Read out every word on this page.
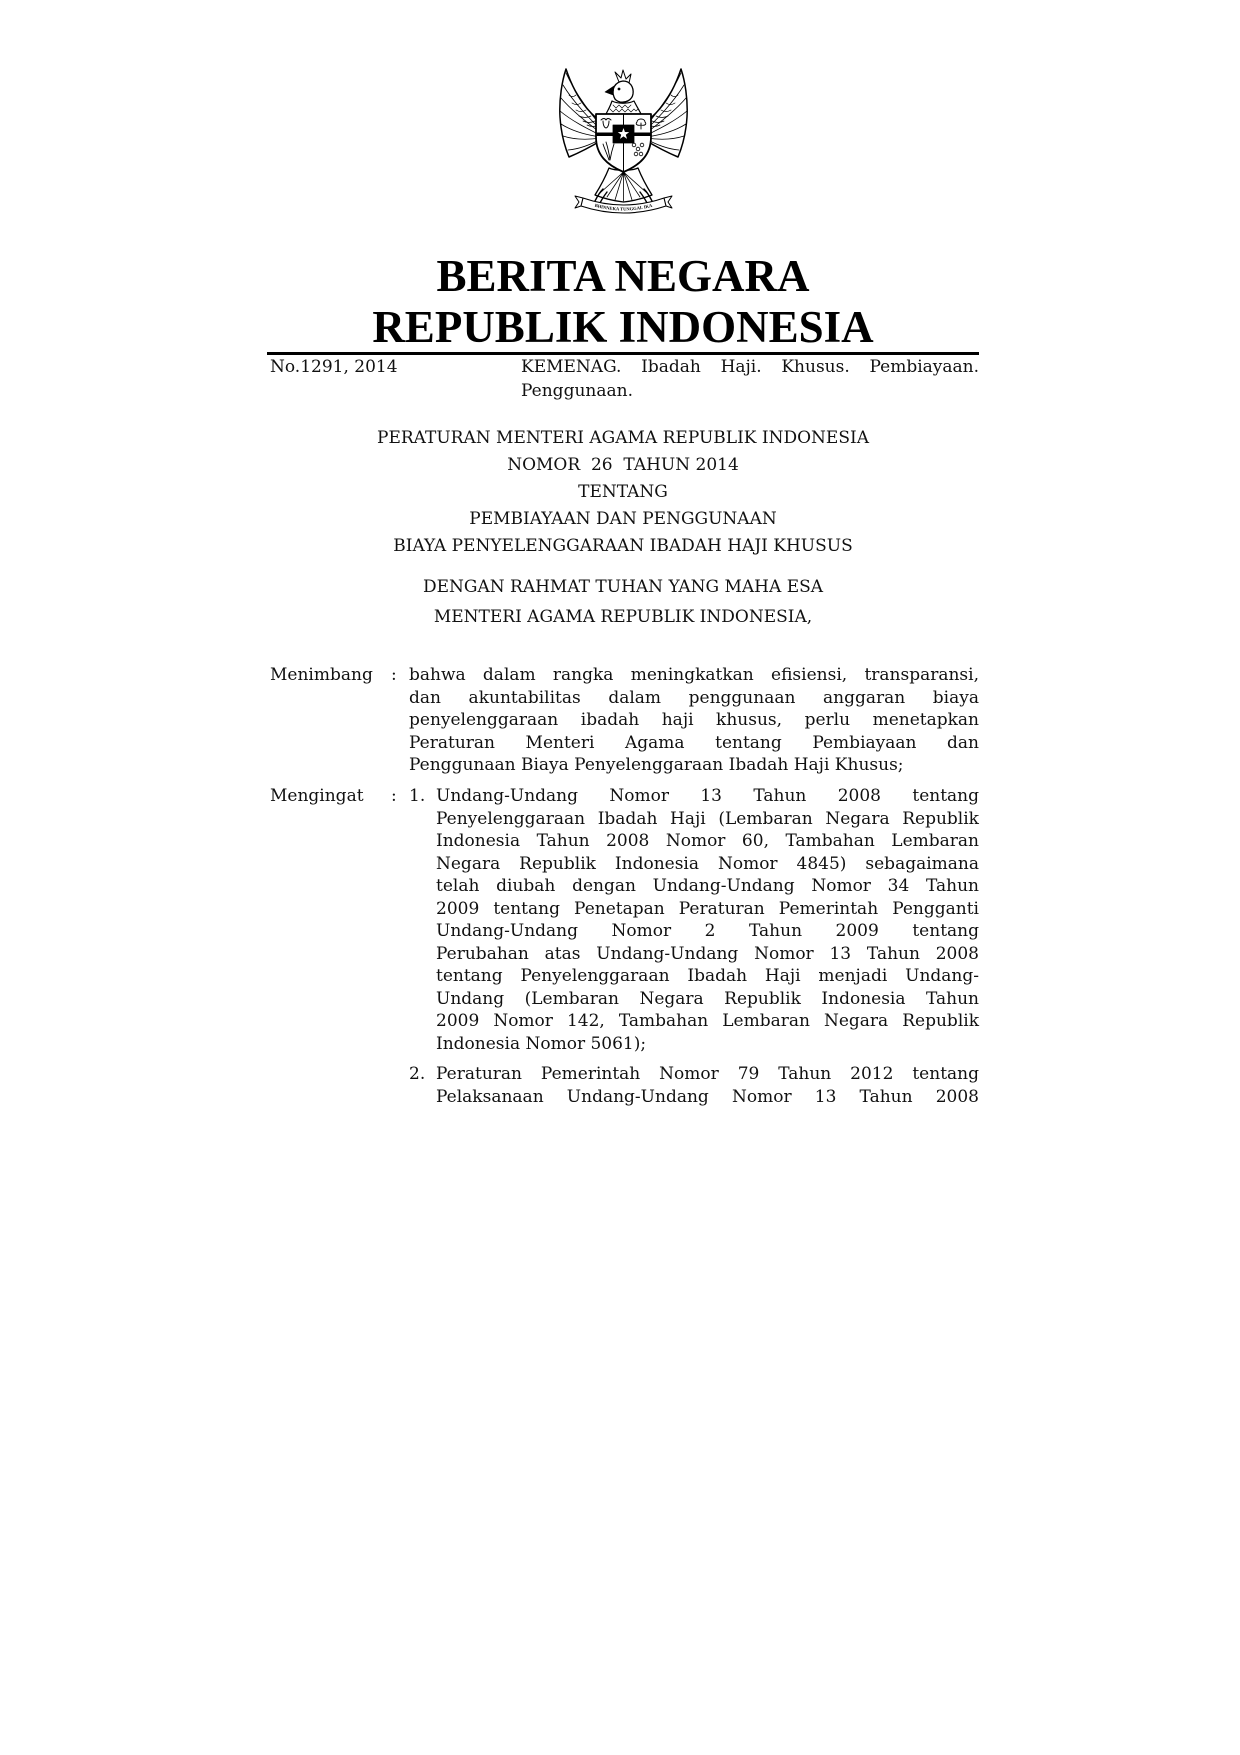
BHINNEKA TUNGGAL IKA
BERITA NEGARA
REPUBLIK INDONESIA
No.1291, 2014	KEMENAG. Ibadah Haji. Khusus. Pembiayaan.
Penggunaan.
PERATURAN MENTERI AGAMA REPUBLIK INDONESIA
NOMOR  26  TAHUN 2014
TENTANG
PEMBIAYAAN DAN PENGGUNAAN
BIAYA PENYELENGGARAAN IBADAH HAJI KHUSUS
DENGAN RAHMAT TUHAN YANG MAHA ESA
MENTERI AGAMA REPUBLIK INDONESIA,
Menimbang : bahwa dalam rangka meningkatkan efisiensi, transparansi,
dan akuntabilitas dalam penggunaan anggaran biaya
penyelenggaraan ibadah haji khusus, perlu menetapkan
Peraturan Menteri Agama tentang Pembiayaan dan
Penggunaan Biaya Penyelenggaraan Ibadah Haji Khusus;
Mengingat : 1. Undang-Undang Nomor 13 Tahun 2008 tentang
Penyelenggaraan Ibadah Haji (Lembaran Negara Republik
Indonesia Tahun 2008 Nomor 60, Tambahan Lembaran
Negara Republik Indonesia Nomor 4845) sebagaimana
telah diubah dengan Undang-Undang Nomor 34 Tahun
2009 tentang Penetapan Peraturan Pemerintah Pengganti
Undang-Undang Nomor 2 Tahun 2009 tentang
Perubahan atas Undang-Undang Nomor 13 Tahun 2008
tentang Penyelenggaraan Ibadah Haji menjadi Undang-
Undang (Lembaran Negara Republik Indonesia Tahun
2009 Nomor 142, Tambahan Lembaran Negara Republik
Indonesia Nomor 5061);
2. Peraturan Pemerintah Nomor 79 Tahun 2012 tentang
Pelaksanaan Undang-Undang Nomor 13 Tahun 2008
